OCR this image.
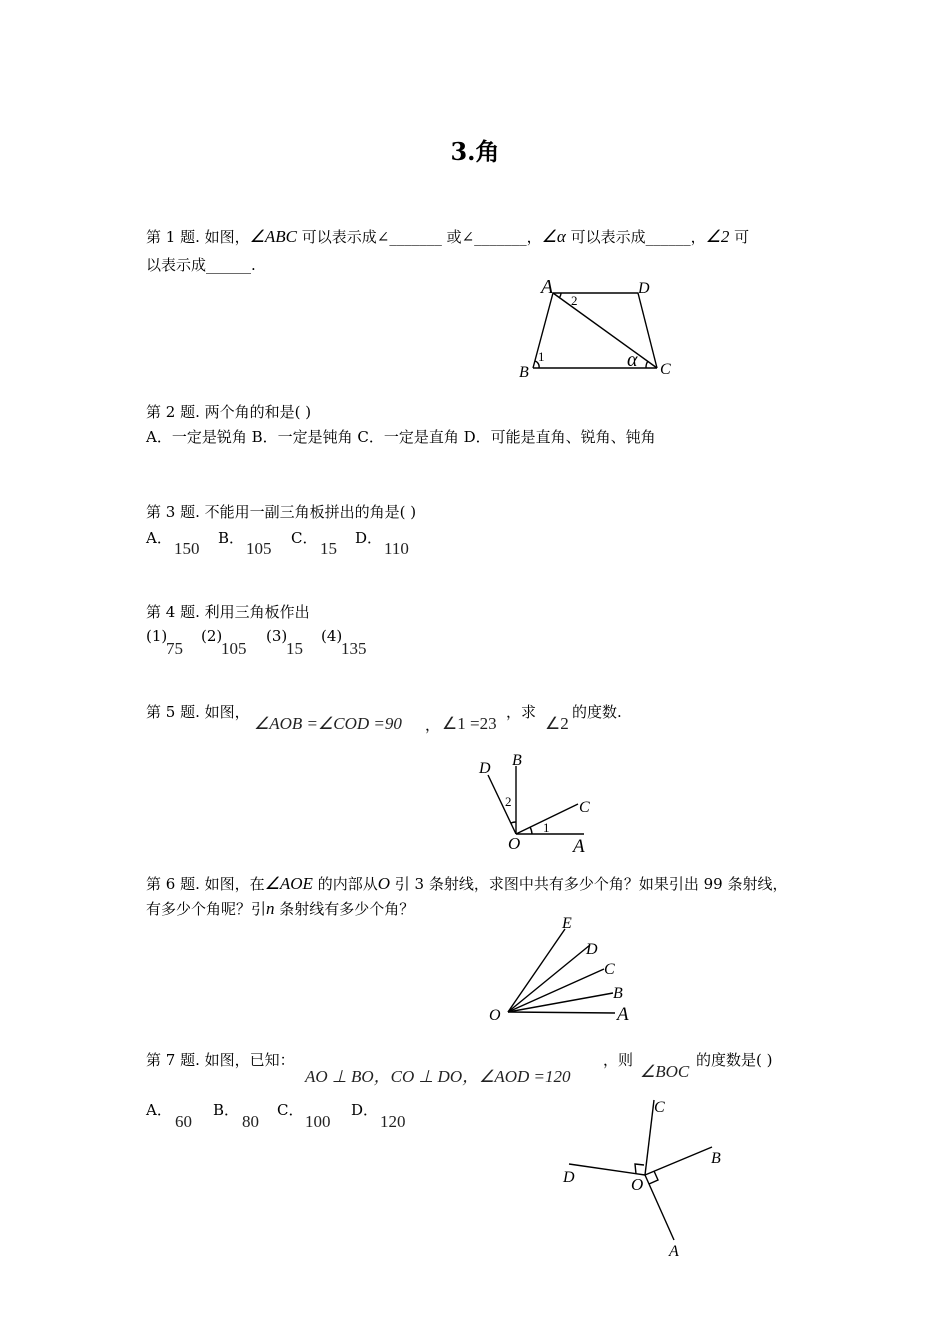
3.角
第 1 题. 如图，∠ABC 可以表示成∠_______ 或∠_______，∠α 可以表示成______，∠2 可
以表示成______.
A	D
B	C
1
2
α
第 2 题. 两个角的和是( )
A．一定是锐角 B．一定是钝角 C．一定是直角 D．可能是直角、锐角、钝角
第 3 题. 不能用一副三角板拼出的角是( )
A．
150
B．
105
C．
15
D．
110
第 4 题. 利用三角板作出
(1)
75
(2)
105
(3)
15
(4)
135
第 5 题. 如图，
∠AOB =∠COD =90 ， ∠1 =23
，求
∠2
的度数.
D B
C
O	A
1
2
第 6 题. 如图，在∠AOE 的内部从O 引 3 条射线，求图中共有多少个角？如果引出 99 条射线，
有多少个角呢？引n 条射线有多少个角？
E
D
C
B
O	A
第 7 题. 如图，已知：
AO ⊥ BO，CO ⊥ DO，∠AOD =120
，则
∠BOC
的度数是( )
A．
60
B．
80
C．
100
D．
120
C
B
D	O
A
